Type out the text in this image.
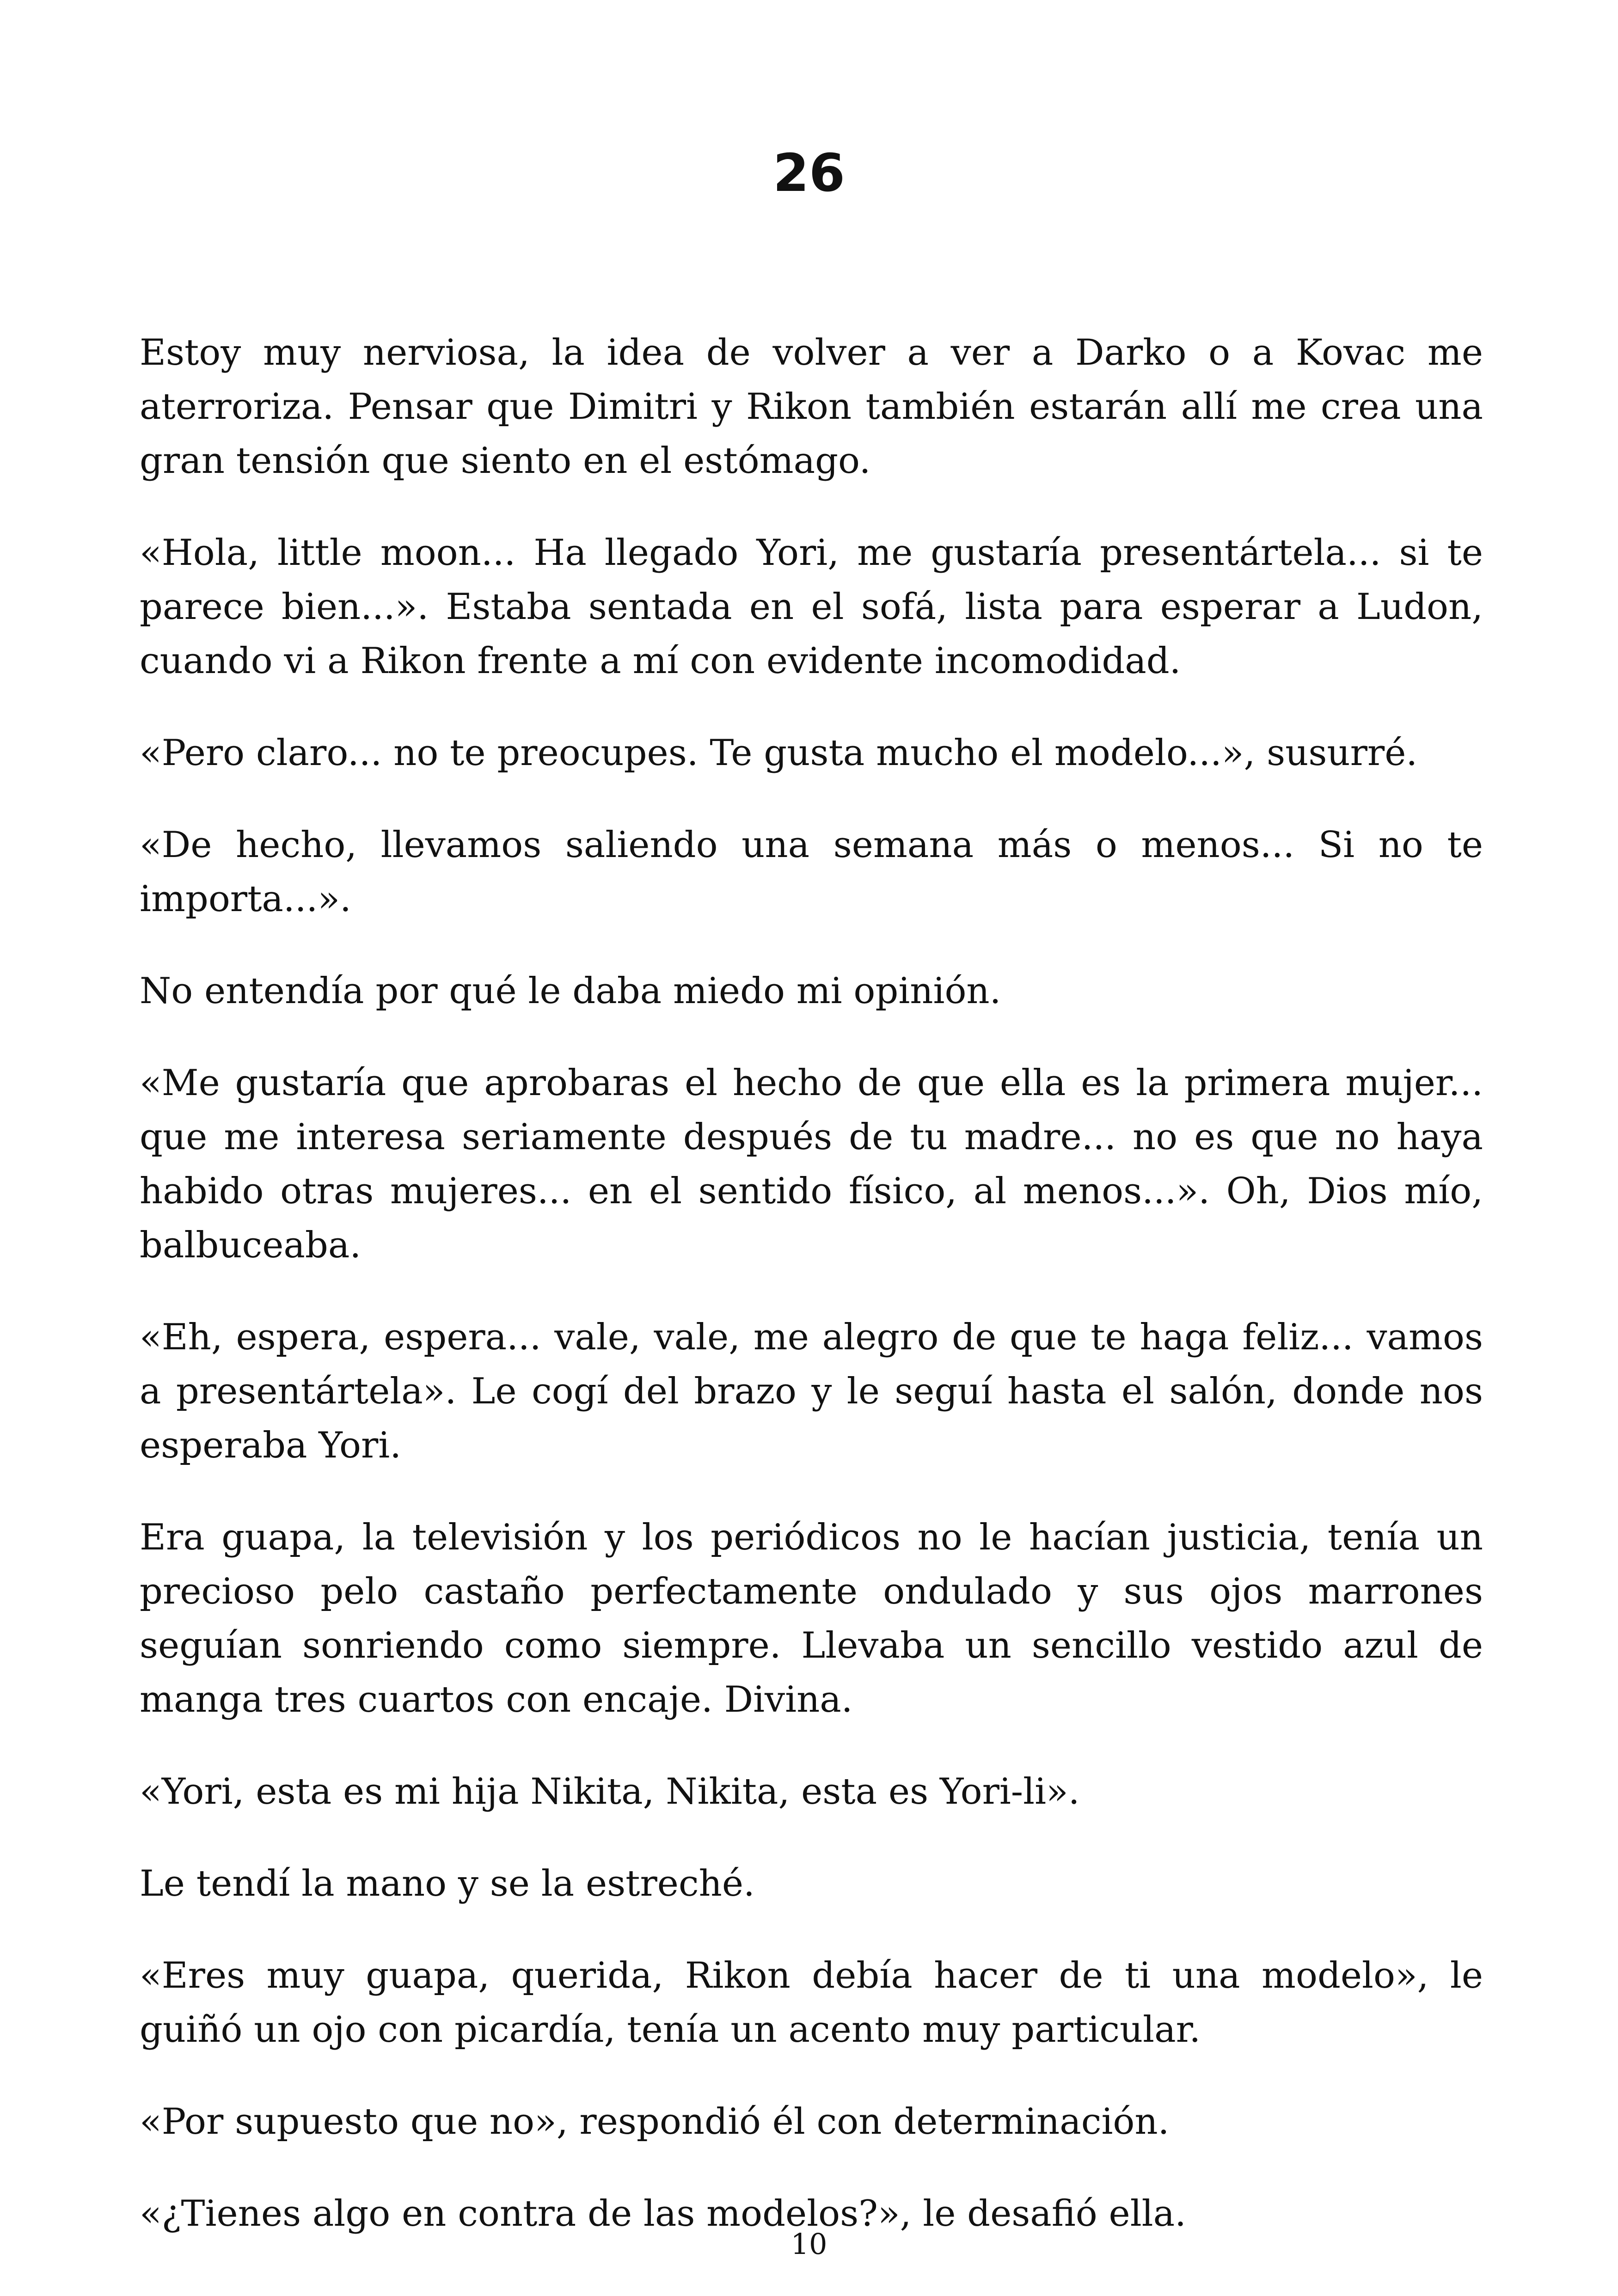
26

Estoy muy nerviosa, la idea de volver a ver a Darko o a Kovac me aterroriza. Pensar que Dimitri y Rikon también estarán allí me crea una gran tensión que siento en el estómago.

«Hola, little moon... Ha llegado Yori, me gustaría presentártela... si te parece bien...». Estaba sentada en el sofá, lista para esperar a Ludon, cuando vi a Rikon frente a mí con evidente incomodidad.

«Pero claro... no te preocupes. Te gusta mucho el modelo...», susurré.

«De hecho, llevamos saliendo una semana más o menos... Si no te importa...».

No entendía por qué le daba miedo mi opinión.

«Me gustaría que aprobaras el hecho de que ella es la primera mujer... que me interesa seriamente después de tu madre... no es que no haya habido otras mujeres... en el sentido físico, al menos...». Oh, Dios mío, balbuceaba.

«Eh, espera, espera... vale, vale, me alegro de que te haga feliz... vamos a presentártela». Le cogí del brazo y le seguí hasta el salón, donde nos esperaba Yori.

Era guapa, la televisión y los periódicos no le hacían justicia, tenía un precioso pelo castaño perfectamente ondulado y sus ojos marrones seguían sonriendo como siempre. Llevaba un sencillo vestido azul de manga tres cuartos con encaje. Divina.

«Yori, esta es mi hija Nikita, Nikita, esta es Yori-li».

Le tendí la mano y se la estreché.

«Eres muy guapa, querida, Rikon debía hacer de ti una modelo», le guiñó un ojo con picardía, tenía un acento muy particular.

«Por supuesto que no», respondió él con determinación.

«¿Tienes algo en contra de las modelos?», le desafió ella.

10
